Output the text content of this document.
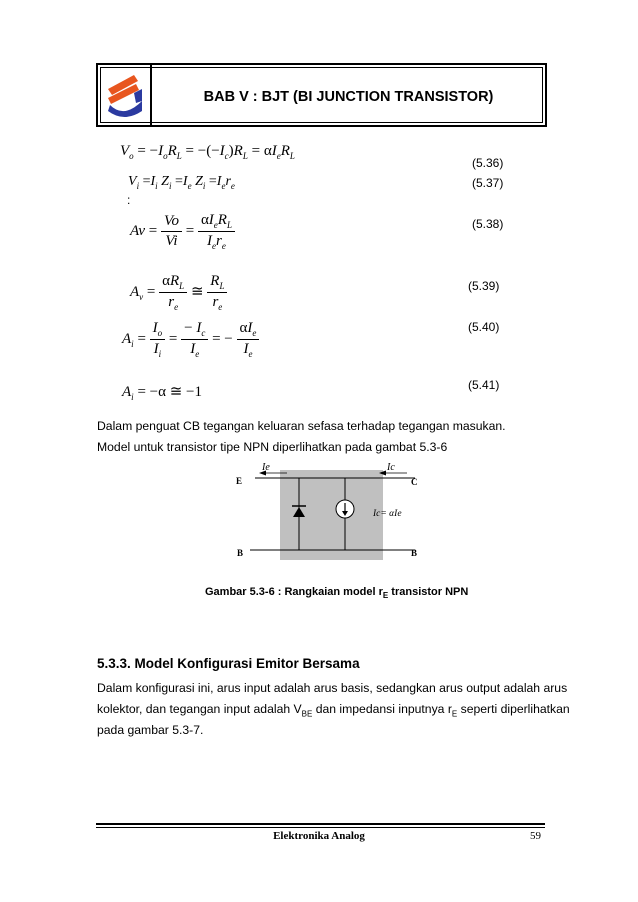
BAB V : BJT (BI JUNCTION TRANSISTOR)
$V_o = -I_oR_L = -(-I_c)R_L = \alpha I_eR_L$	(5.36)
$V_i =I_i$ $Z_i =I_e$ $Z_i =I_er_e$	(5.37)
:
$Av = \frac{Vo}{Vi} = \frac{\alpha I_eR_L}{I_er_e}$	(5.38)
$A_v = \frac{\alpha R_L}{r_e}$ ≅ $\frac{R_L}{r_e}$	(5.39)
$A_i = \frac{I_o}{I_i} = \frac{- I_c}{I_e}$ = − $\frac{\alpha I_e}{I_e}$	(5.40)
$A_i = -\alpha$ ≅ −1	(5.41)
Dalam penguat CB tegangan keluaran sefasa terhadap tegangan masukan.
Model untuk transistor tipe NPN diperlihatkan pada gambat 5.3-6
Ie	Ic
E	C
B	B
Ic= αIe
Gambar 5.3-6 : Rangkaian model $r_E$ transistor NPN
5.3.3. Model Konfigurasi Emitor Bersama
Dalam konfigurasi ini, arus input adalah arus basis, sedangkan arus output adalah arus
kolektor, dan tegangan input adalah $V_{BE}$ dan impedansi inputnya $r_E$ seperti diperlihatkan
pada gambar 5.3-7.
Elektronika Analog	59
